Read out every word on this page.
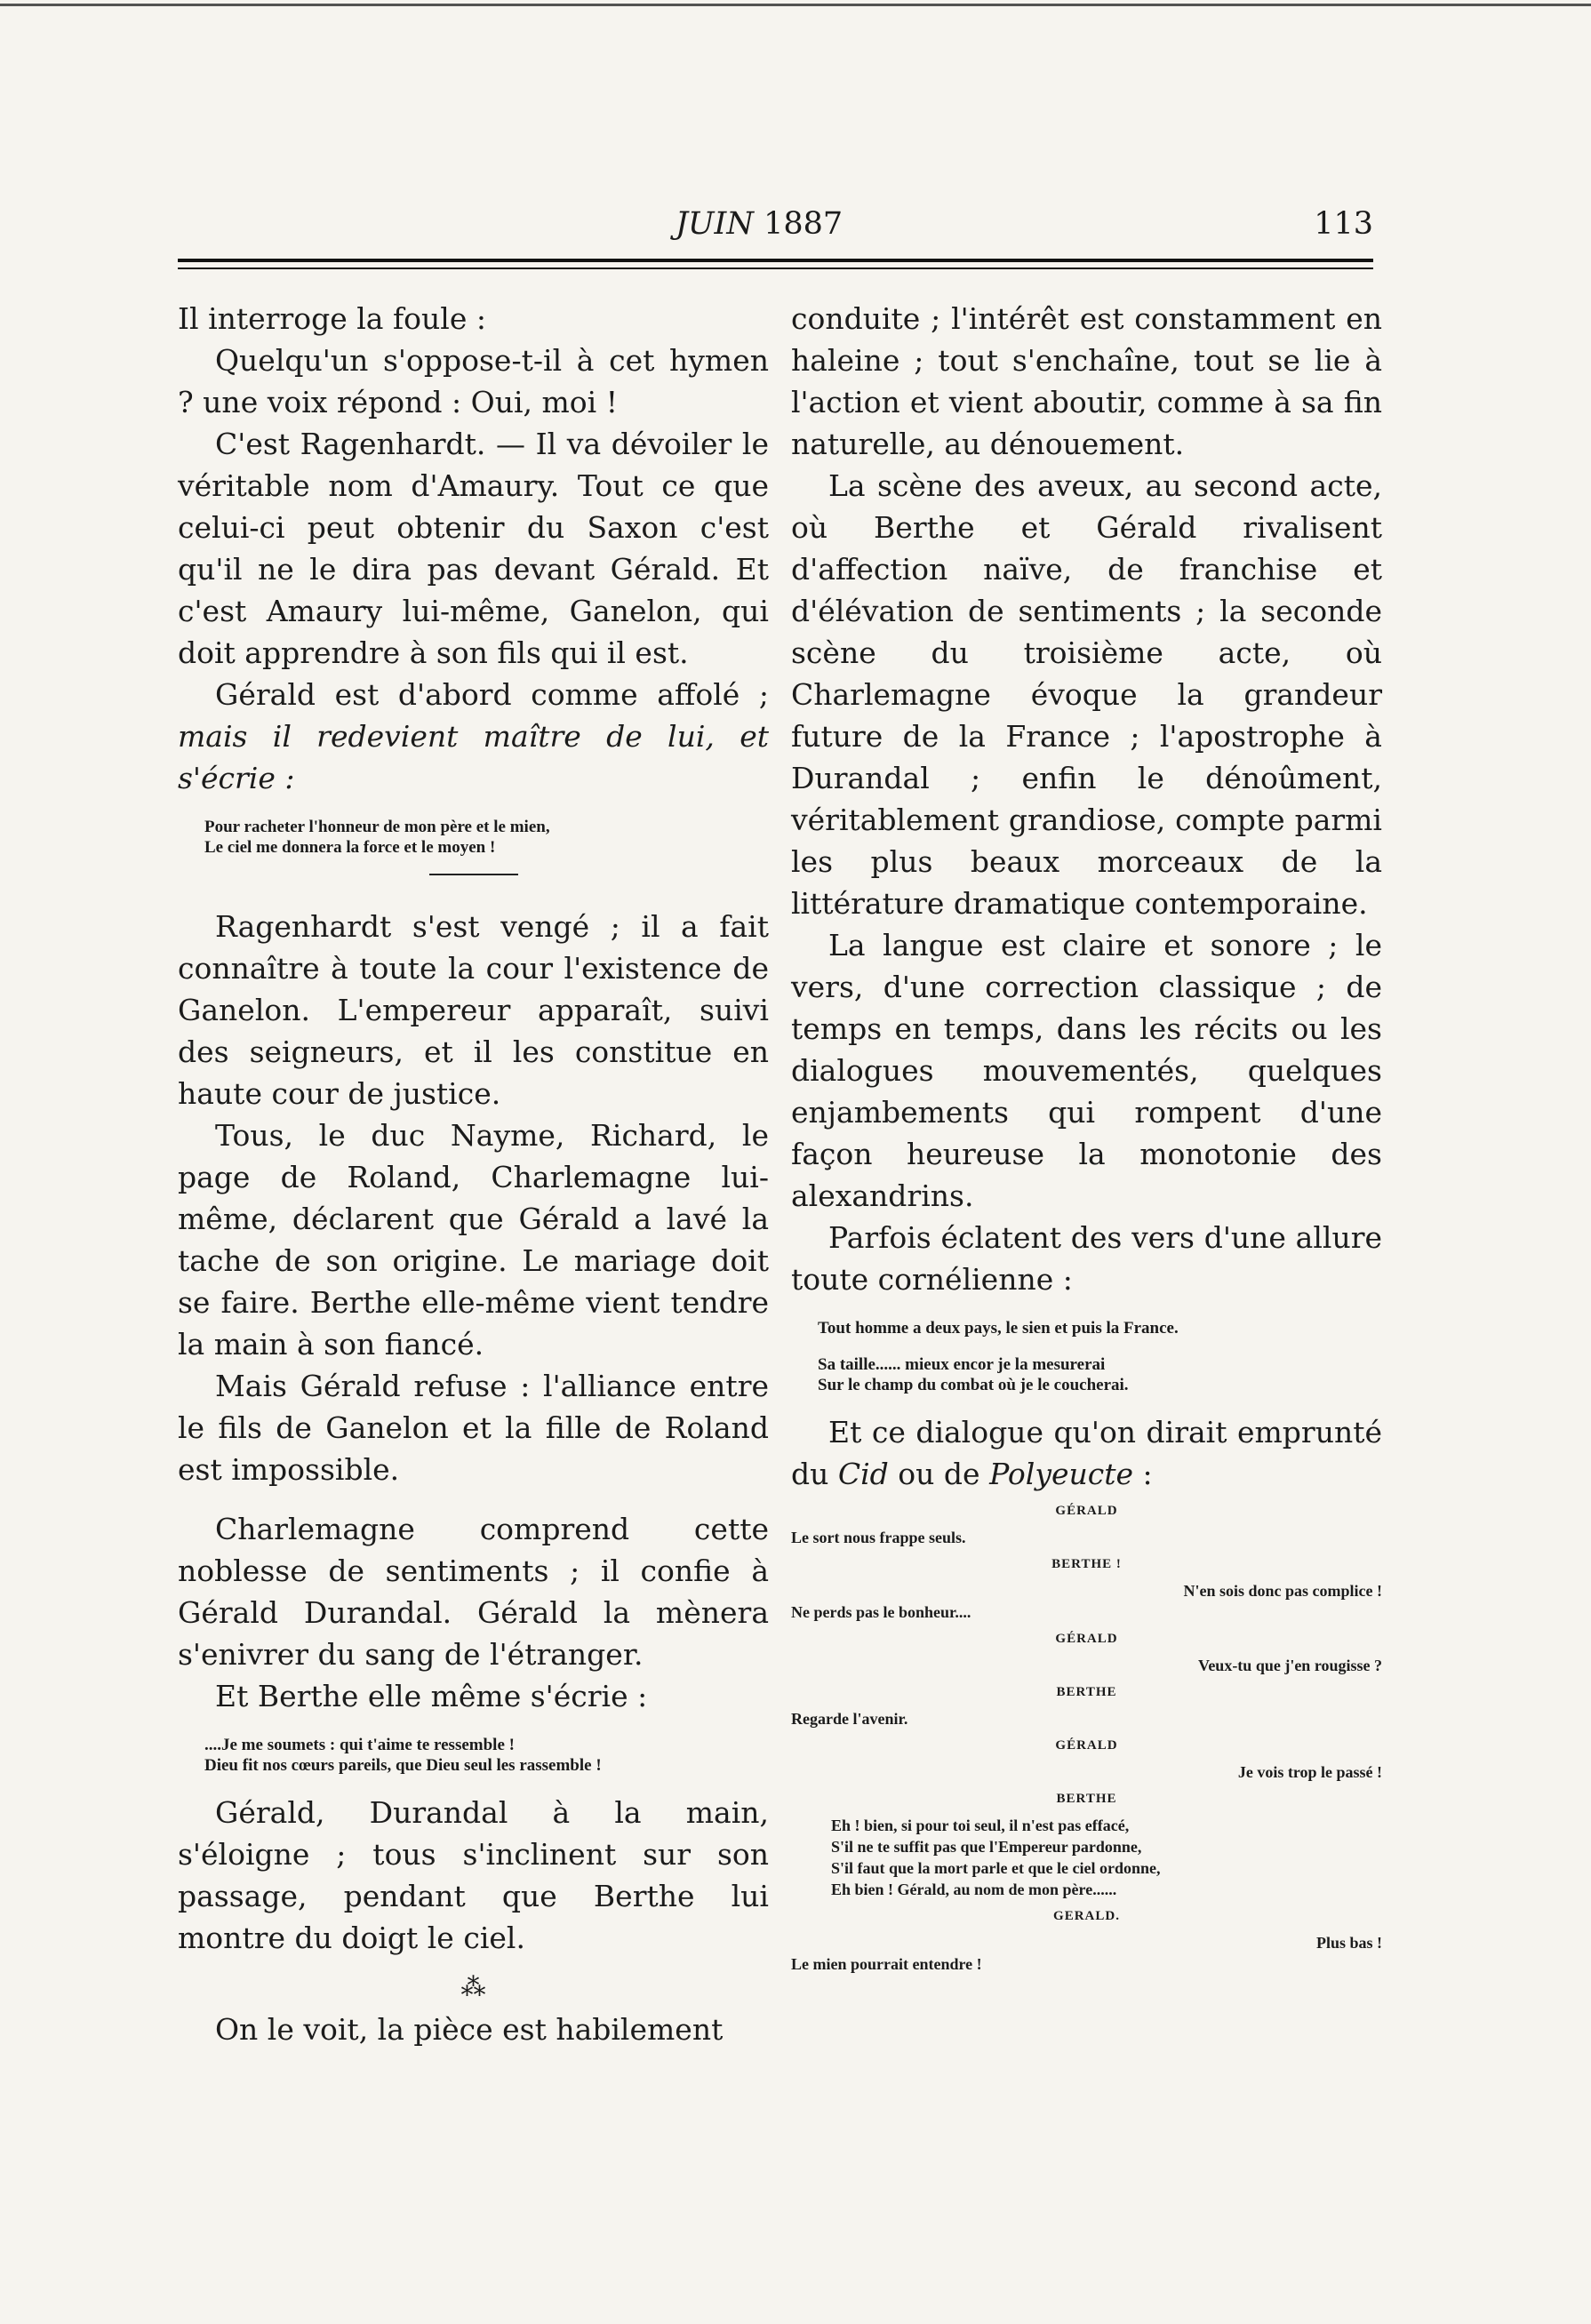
JUIN 1887	113

Il interroge la foule :

Quelqu'un s'oppose-t-il à cet hymen ? une voix répond : Oui, moi !

C'est Ragenhardt. — Il va dévoiler le véritable nom d'Amaury. Tout ce que celui-ci peut obtenir du Saxon c'est qu'il ne le dira pas devant Gérald. Et c'est Amaury lui-même, Ganelon, qui doit apprendre à son fils qui il est.

Gérald est d'abord comme affolé ; mais il redevient maître de lui, et s'écrie :

Pour racheter l'honneur de mon père et le mien,
Le ciel me donnera la force et le moyen !

Ragenhardt s'est vengé ; il a fait connaître à toute la cour l'existence de Ganelon. L'empereur apparaît, suivi des seigneurs, et il les constitue en haute cour de justice.

Tous, le duc Nayme, Richard, le page de Roland, Charlemagne lui-même, déclarent que Gérald a lavé la tache de son origine. Le mariage doit se faire. Berthe elle-même vient tendre la main à son fiancé.

Mais Gérald refuse : l'alliance entre le fils de Ganelon et la fille de Roland est impossible.

Charlemagne comprend cette noblesse de sentiments ; il confie à Gérald Durandal. Gérald la mènera s'enivrer du sang de l'étranger.

Et Berthe elle même s'écrie :

....Je me soumets : qui t'aime te ressemble !
Dieu fit nos cœurs pareils, que Dieu seul les rassemble !

Gérald, Durandal à la main, s'éloigne ; tous s'inclinent sur son passage, pendant que Berthe lui montre du doigt le ciel.

⁂

On le voit, la pièce est habilement

conduite ; l'intérêt est constamment en haleine ; tout s'enchaîne, tout se lie à l'action et vient aboutir, comme à sa fin naturelle, au dénouement.

La scène des aveux, au second acte, où Berthe et Gérald rivalisent d'affection naïve, de franchise et d'élévation de sentiments ; la seconde scène du troisième acte, où Charlemagne évoque la grandeur future de la France ; l'apostrophe à Durandal ; enfin le dénoûment, véritablement grandiose, compte parmi les plus beaux morceaux de la littérature dramatique contemporaine.

La langue est claire et sonore ; le vers, d'une correction classique ; de temps en temps, dans les récits ou les dialogues mouvementés, quelques enjambements qui rompent d'une façon heureuse la monotonie des alexandrins.

Parfois éclatent des vers d'une allure toute cornélienne :

Tout homme a deux pays, le sien et puis la France.
Sa taille...... mieux encor je la mesurerai
Sur le champ du combat où je le coucherai.

Et ce dialogue qu'on dirait emprunté du Cid ou de Polyeucte :

GÉRALD
Le sort nous frappe seuls.
BERTHE !
N'en sois donc pas complice !
Ne perds pas le bonheur....
GÉRALD
Veux-tu que j'en rougisse ?
BERTHE
Regarde l'avenir.
GÉRALD
Je vois trop le passé !
BERTHE
Eh ! bien, si pour toi seul, il n'est pas effacé,
S'il ne te suffit pas que l'Empereur pardonne,
S'il faut que la mort parle et que le ciel ordonne,
Eh bien ! Gérald, au nom de mon père......
GERALD.
Plus bas !
Le mien pourrait entendre !
